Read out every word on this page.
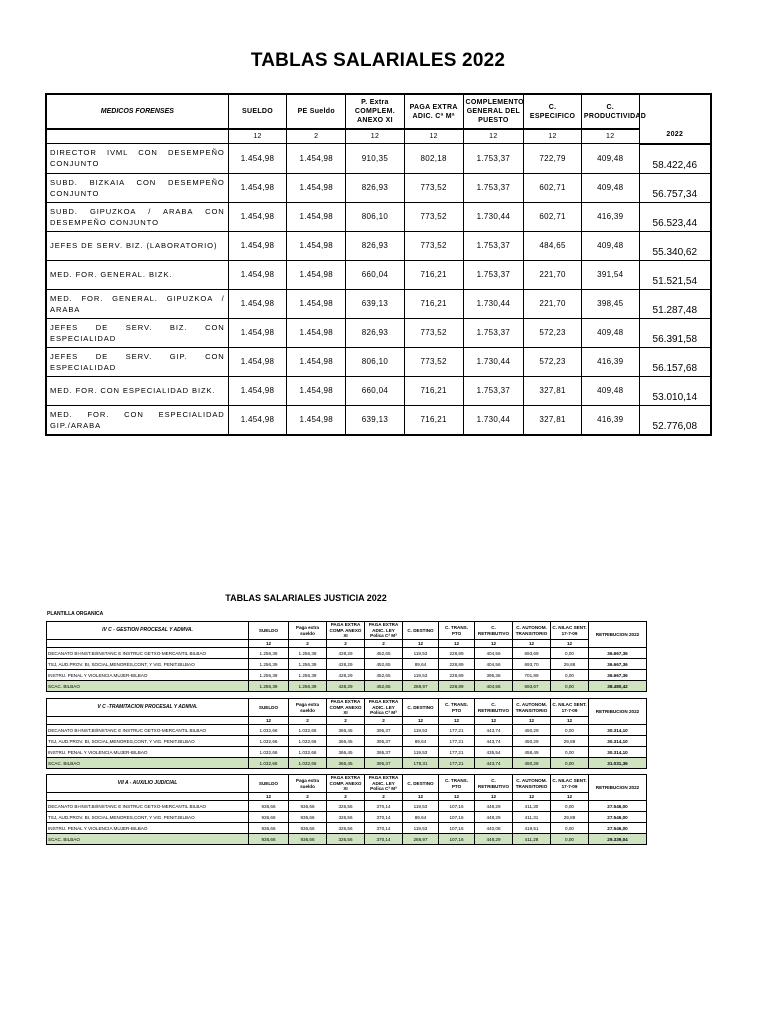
TABLAS SALARIALES 2022
MEDICOS FORENSES	SUELDO	PE Sueldo	P. Extra COMPLEM. ANEXO XI	PAGA EXTRA ADIC. Cª Mª	COMPLEMENTO GENERAL DEL PUESTO	C. ESPECIFICO	C. PRODUCTIVIDAD	2022
	12	2	12	12	12	12	12	
DIRECTOR IVML CON DESEMPEÑO CONJUNTO	1.454,98	1.454,98	910,35	802,18	1.753,37	722,79	409,48	58.422,46
SUBD. BIZKAIA CON DESEMPEÑO CONJUNTO	1.454,98	1.454,98	826,93	773,52	1.753,37	602,71	409,48	56.757,34
SUBD. GIPUZKOA / ARABA CON DESEMPEÑO CONJUNTO	1.454,98	1.454,98	806,10	773,52	1.730,44	602,71	416,39	56.523,44
JEFES DE SERV. BIZ. (LABORATORIO)	1.454,98	1.454,98	826,93	773,52	1.753,37	484,65	409,48	55.340,62
MED. FOR. GENERAL. BIZK.	1.454,98	1.454,98	660,04	716,21	1.753,37	221,70	391,54	51.521,54
MED. FOR. GENERAL. GIPUZKOA / ARABA	1.454,98	1.454,98	639,13	716,21	1.730,44	221,70	398,45	51.287,48
JEFES DE SERV. BIZ. CON ESPECIALIDAD	1.454,98	1.454,98	826,93	773,52	1.753,37	572,23	409,48	56.391,58
JEFES DE SERV. GIP. CON ESPECIALIDAD	1.454,98	1.454,98	806,10	773,52	1.730,44	572,23	416,39	56.157,68
MED. FOR. CON ESPECIALIDAD BIZK.	1.454,98	1.454,98	660,04	716,21	1.753,37	327,81	409,48	53.010,14
MED. FOR. CON ESPECIALIDAD GIP./ARABA	1.454,98	1.454,98	639,13	716,21	1.730,44	327,81	416,39	52.776,08
TABLAS SALARIALES JUSTICIA 2022
PLANTILLA ORGANICA
IV C - GESTION PROCESAL Y ADMVA.	SUELDO	Paga extra sueldo	PAGA EXTRA COMP. ANEXO XI	PAGA EXTRA ADIC. LEY Polica Cª Mª	C. DESTINO	C. TRANS. PTO	C. RETRIBUTIVO	C. AUTONOM. TRANSITORIO	C. NILAC SENT. 17-7-09	RETRIBUCION 2022
	12	2	2	2	12	12	12	12	12	
DECANATO BI-INST.BI/INSTANC E INSTRUC GETXO-MERCANTIL BILBAO	1.256,39	1.256,39	428,29	452,65	119,53	228,89	404,56	693,69	0,00	36.667,36
TSJ, AUD.PROV. BI, SOCIAL,MENORES,CONT, Y VIG. PENIT.BILBAO	1.256,39	1.256,39	428,29	452,65	89,64	228,89	404,56	693,70	29,88	36.667,36
INSTRU. PENAL Y VIOLENCIA MUJER-BILBAO	1.256,39	1.256,39	428,29	452,65	119,53	228,89	396,36	701,89	0,00	36.667,36
SCAC. BILBAO	1.256,39	1.256,39	428,29	452,65	288,97	228,89	404,56	693,67	0,00	38.480,42
V C -TRAMITACION PROCESAL Y ADMVA.	SUELDO	Paga extra sueldo	PAGA EXTRA COMP. ANEXO XI	PAGA EXTRA ADIC. LEY Polica Cª Mª	C. DESTINO	C. TRANS. PTO	C. RETRIBUTIVO	C. AUTONOM. TRANSITORIO	C. NILAC SENT. 17-7-09	RETRIBUCION 2022
	12	2	2	2	12	12	12	12	12	
DECANATO BI-INST.BI/INSTANC E INSTRUC GETXO-MERCANTIL BILBAO	1.032,66	1.032,66	366,45	395,37	119,53	177,21	443,74	450,29	0,00	30.314,10
TSJ, AUD.PROV. BI, SOCIAL,MENORES,CONT, Y VIG. PENIT.BILBAO	1.032,66	1.032,66	366,45	395,37	89,64	177,21	443,74	450,29	29,88	30.314,10
INSTRU. PENAL Y VIOLENCIA MUJER-BILBAO	1.032,66	1.032,66	366,45	395,37	119,53	177,21	435,54	458,49	0,00	30.314,10
SCAC. BILBAO	1.032,66	1.032,66	366,45	395,37	178,31	177,21	443,74	450,28	0,00	31.031,36
VII A - AUXILIO JUDICIAL	SUELDO	Paga extra sueldo	PAGA EXTRA COMP. ANEXO XI	PAGA EXTRA ADIC. LEY Polica Cª Mª	C. DESTINO	C. TRANS. PTO	C. RETRIBUTIVO	C. AUTONOM. TRANSITORIO	C. NILAC SENT. 17-7-09	RETRIBUCION 2022
	12	2	2	2	12	12	12	12	12	
DECANATO BI-INST.BI/INSTANC E INSTRUC GETXO-MERCANTIL BILBAO	936,66	936,66	326,56	370,14	119,53	107,16	448,29	411,30	0,00	27.546,00
TSJ, AUD.PROV. BI, SOCIAL,MENORES,CONT, Y VIG. PENIT.BILBAO	936,66	936,66	326,56	370,14	89,64	107,16	448,29	411,31	29,88	27.546,00
INSTRU. PENAL Y VIOLENCIA MUJER-BILBAO	936,66	936,66	326,56	370,14	119,53	107,16	440,08	419,51	0,00	27.546,00
SCAC. BILBAO	936,66	936,66	326,56	370,14	288,97	107,16	448,29	411,28	0,00	29.339,04
